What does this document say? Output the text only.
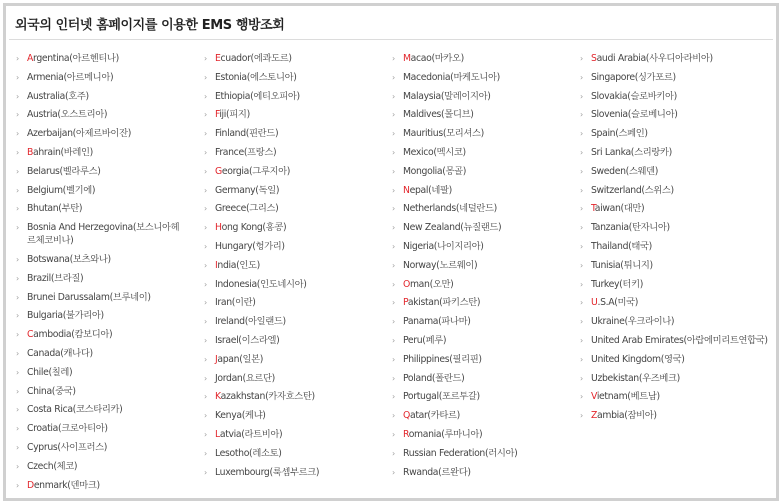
외국의 인터넷 홈페이지를 이용한 EMS 행방조회
› Argentina(아르헨티나)
› Armenia(아르메니아)
› Australia(호주)
› Austria(오스트리아)
› Azerbaijan(아제르바이잔)
› Bahrain(바레인)
› Belarus(벨라루스)
› Belgium(벨기에)
› Bhutan(부탄)
› Bosnia And Herzegovina(보스니아헤르체코비나)
› Botswana(보츠와나)
› Brazil(브라질)
› Brunei Darussalam(브루네이)
› Bulgaria(불가리아)
› Cambodia(캄보디아)
› Canada(캐나다)
› Chile(칠레)
› China(중국)
› Costa Rica(코스타리카)
› Croatia(크로아티아)
› Cyprus(사이프러스)
› Czech(체코)
› Denmark(덴마크)
› Ecuador(에콰도르)
› Estonia(에스토니아)
› Ethiopia(에티오피아)
› Fiji(피지)
› Finland(핀란드)
› France(프랑스)
› Georgia(그루지아)
› Germany(독일)
› Greece(그리스)
› Hong Kong(홍콩)
› Hungary(헝가리)
› India(인도)
› Indonesia(인도네시아)
› Iran(이란)
› Ireland(아일랜드)
› Israel(이스라엘)
› Japan(일본)
› Jordan(요르단)
› Kazakhstan(카자흐스탄)
› Kenya(케냐)
› Latvia(라트비아)
› Lesotho(레소토)
› Luxembourg(룩셈부르크)
› Macao(마카오)
› Macedonia(마케도니아)
› Malaysia(말레이지아)
› Maldives(몰디브)
› Mauritius(모리셔스)
› Mexico(멕시코)
› Mongolia(몽골)
› Nepal(네팔)
› Netherlands(네덜란드)
› New Zealand(뉴질랜드)
› Nigeria(나이지리아)
› Norway(노르웨이)
› Oman(오만)
› Pakistan(파키스탄)
› Panama(파나마)
› Peru(페루)
› Philippines(필리핀)
› Poland(폴란드)
› Portugal(포르투갈)
› Qatar(카타르)
› Romania(루마니아)
› Russian Federation(러시아)
› Rwanda(르완다)
› Saudi Arabia(사우디아라비아)
› Singapore(싱가포르)
› Slovakia(슬로바키아)
› Slovenia(슬로베니아)
› Spain(스페인)
› Sri Lanka(스리랑카)
› Sweden(스웨덴)
› Switzerland(스위스)
› Taiwan(대만)
› Tanzania(탄자니아)
› Thailand(태국)
› Tunisia(튀니지)
› Turkey(터키)
› U.S.A(미국)
› Ukraine(우크라이나)
› United Arab Emirates(아랍에미리트연합국)
› United Kingdom(영국)
› Uzbekistan(우즈베크)
› Vietnam(베트남)
› Zambia(잠비아)
